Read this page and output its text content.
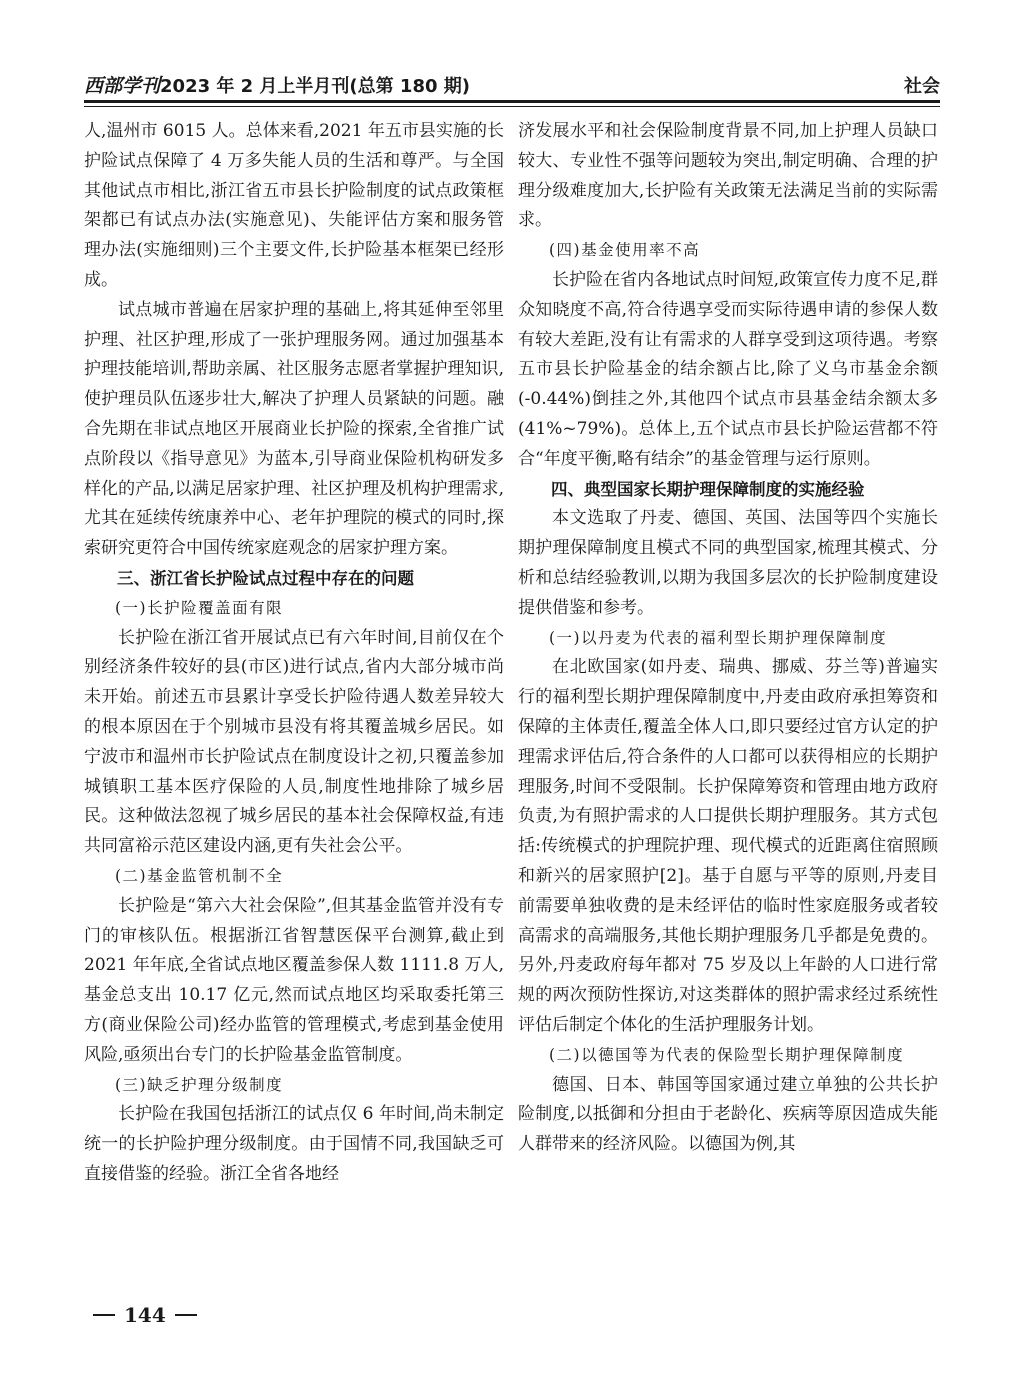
西部学刊 2023 年 2 月上半月刊(总第 180 期)	社会

人,温州市 6015 人。总体来看,2021 年五市县实施的长护险试点保障了 4 万多失能人员的生活和尊严。与全国其他试点市相比,浙江省五市县长护险制度的试点政策框架都已有试点办法(实施意见)、失能评估方案和服务管理办法(实施细则)三个主要文件,长护险基本框架已经形成。

试点城市普遍在居家护理的基础上,将其延伸至邻里护理、社区护理,形成了一张护理服务网。通过加强基本护理技能培训,帮助亲属、社区服务志愿者掌握护理知识,使护理员队伍逐步壮大,解决了护理人员紧缺的问题。融合先期在非试点地区开展商业长护险的探索,全省推广试点阶段以《指导意见》为蓝本,引导商业保险机构研发多样化的产品,以满足居家护理、社区护理及机构护理需求,尤其在延续传统康养中心、老年护理院的模式的同时,探索研究更符合中国传统家庭观念的居家护理方案。

三、浙江省长护险试点过程中存在的问题

(一)长护险覆盖面有限

长护险在浙江省开展试点已有六年时间,目前仅在个别经济条件较好的县(市区)进行试点,省内大部分城市尚未开始。前述五市县累计享受长护险待遇人数差异较大的根本原因在于个别城市县没有将其覆盖城乡居民。如宁波市和温州市长护险试点在制度设计之初,只覆盖参加城镇职工基本医疗保险的人员,制度性地排除了城乡居民。这种做法忽视了城乡居民的基本社会保障权益,有违共同富裕示范区建设内涵,更有失社会公平。

(二)基金监管机制不全

长护险是“第六大社会保险”,但其基金监管并没有专门的审核队伍。根据浙江省智慧医保平台测算,截止到 2021 年年底,全省试点地区覆盖参保人数 1111.8 万人,基金总支出 10.17 亿元,然而试点地区均采取委托第三方(商业保险公司)经办监管的管理模式,考虑到基金使用风险,亟须出台专门的长护险基金监管制度。

(三)缺乏护理分级制度

长护险在我国包括浙江的试点仅 6 年时间,尚未制定统一的长护险护理分级制度。由于国情不同,我国缺乏可直接借鉴的经验。浙江全省各地经

济发展水平和社会保险制度背景不同,加上护理人员缺口较大、专业性不强等问题较为突出,制定明确、合理的护理分级难度加大,长护险有关政策无法满足当前的实际需求。

(四)基金使用率不高

长护险在省内各地试点时间短,政策宣传力度不足,群众知晓度不高,符合待遇享受而实际待遇申请的参保人数有较大差距,没有让有需求的人群享受到这项待遇。考察五市县长护险基金的结余额占比,除了义乌市基金余额(-0.44%)倒挂之外,其他四个试点市县基金结余额太多(41%~79%)。总体上,五个试点市县长护险运营都不符合“年度平衡,略有结余”的基金管理与运行原则。

四、典型国家长期护理保障制度的实施经验

本文选取了丹麦、德国、英国、法国等四个实施长期护理保障制度且模式不同的典型国家,梳理其模式、分析和总结经验教训,以期为我国多层次的长护险制度建设提供借鉴和参考。

(一)以丹麦为代表的福利型长期护理保障制度

在北欧国家(如丹麦、瑞典、挪威、芬兰等)普遍实行的福利型长期护理保障制度中,丹麦由政府承担筹资和保障的主体责任,覆盖全体人口,即只要经过官方认定的护理需求评估后,符合条件的人口都可以获得相应的长期护理服务,时间不受限制。长护保障筹资和管理由地方政府负责,为有照护需求的人口提供长期护理服务。其方式包括:传统模式的护理院护理、现代模式的近距离住宿照顾和新兴的居家照护[2]。基于自愿与平等的原则,丹麦目前需要单独收费的是未经评估的临时性家庭服务或者较高需求的高端服务,其他长期护理服务几乎都是免费的。另外,丹麦政府每年都对 75 岁及以上年龄的人口进行常规的两次预防性探访,对这类群体的照护需求经过系统性评估后制定个体化的生活护理服务计划。

(二)以德国等为代表的保险型长期护理保障制度

德国、日本、韩国等国家通过建立单独的公共长护险制度,以抵御和分担由于老龄化、疾病等原因造成失能人群带来的经济风险。以德国为例,其

144
